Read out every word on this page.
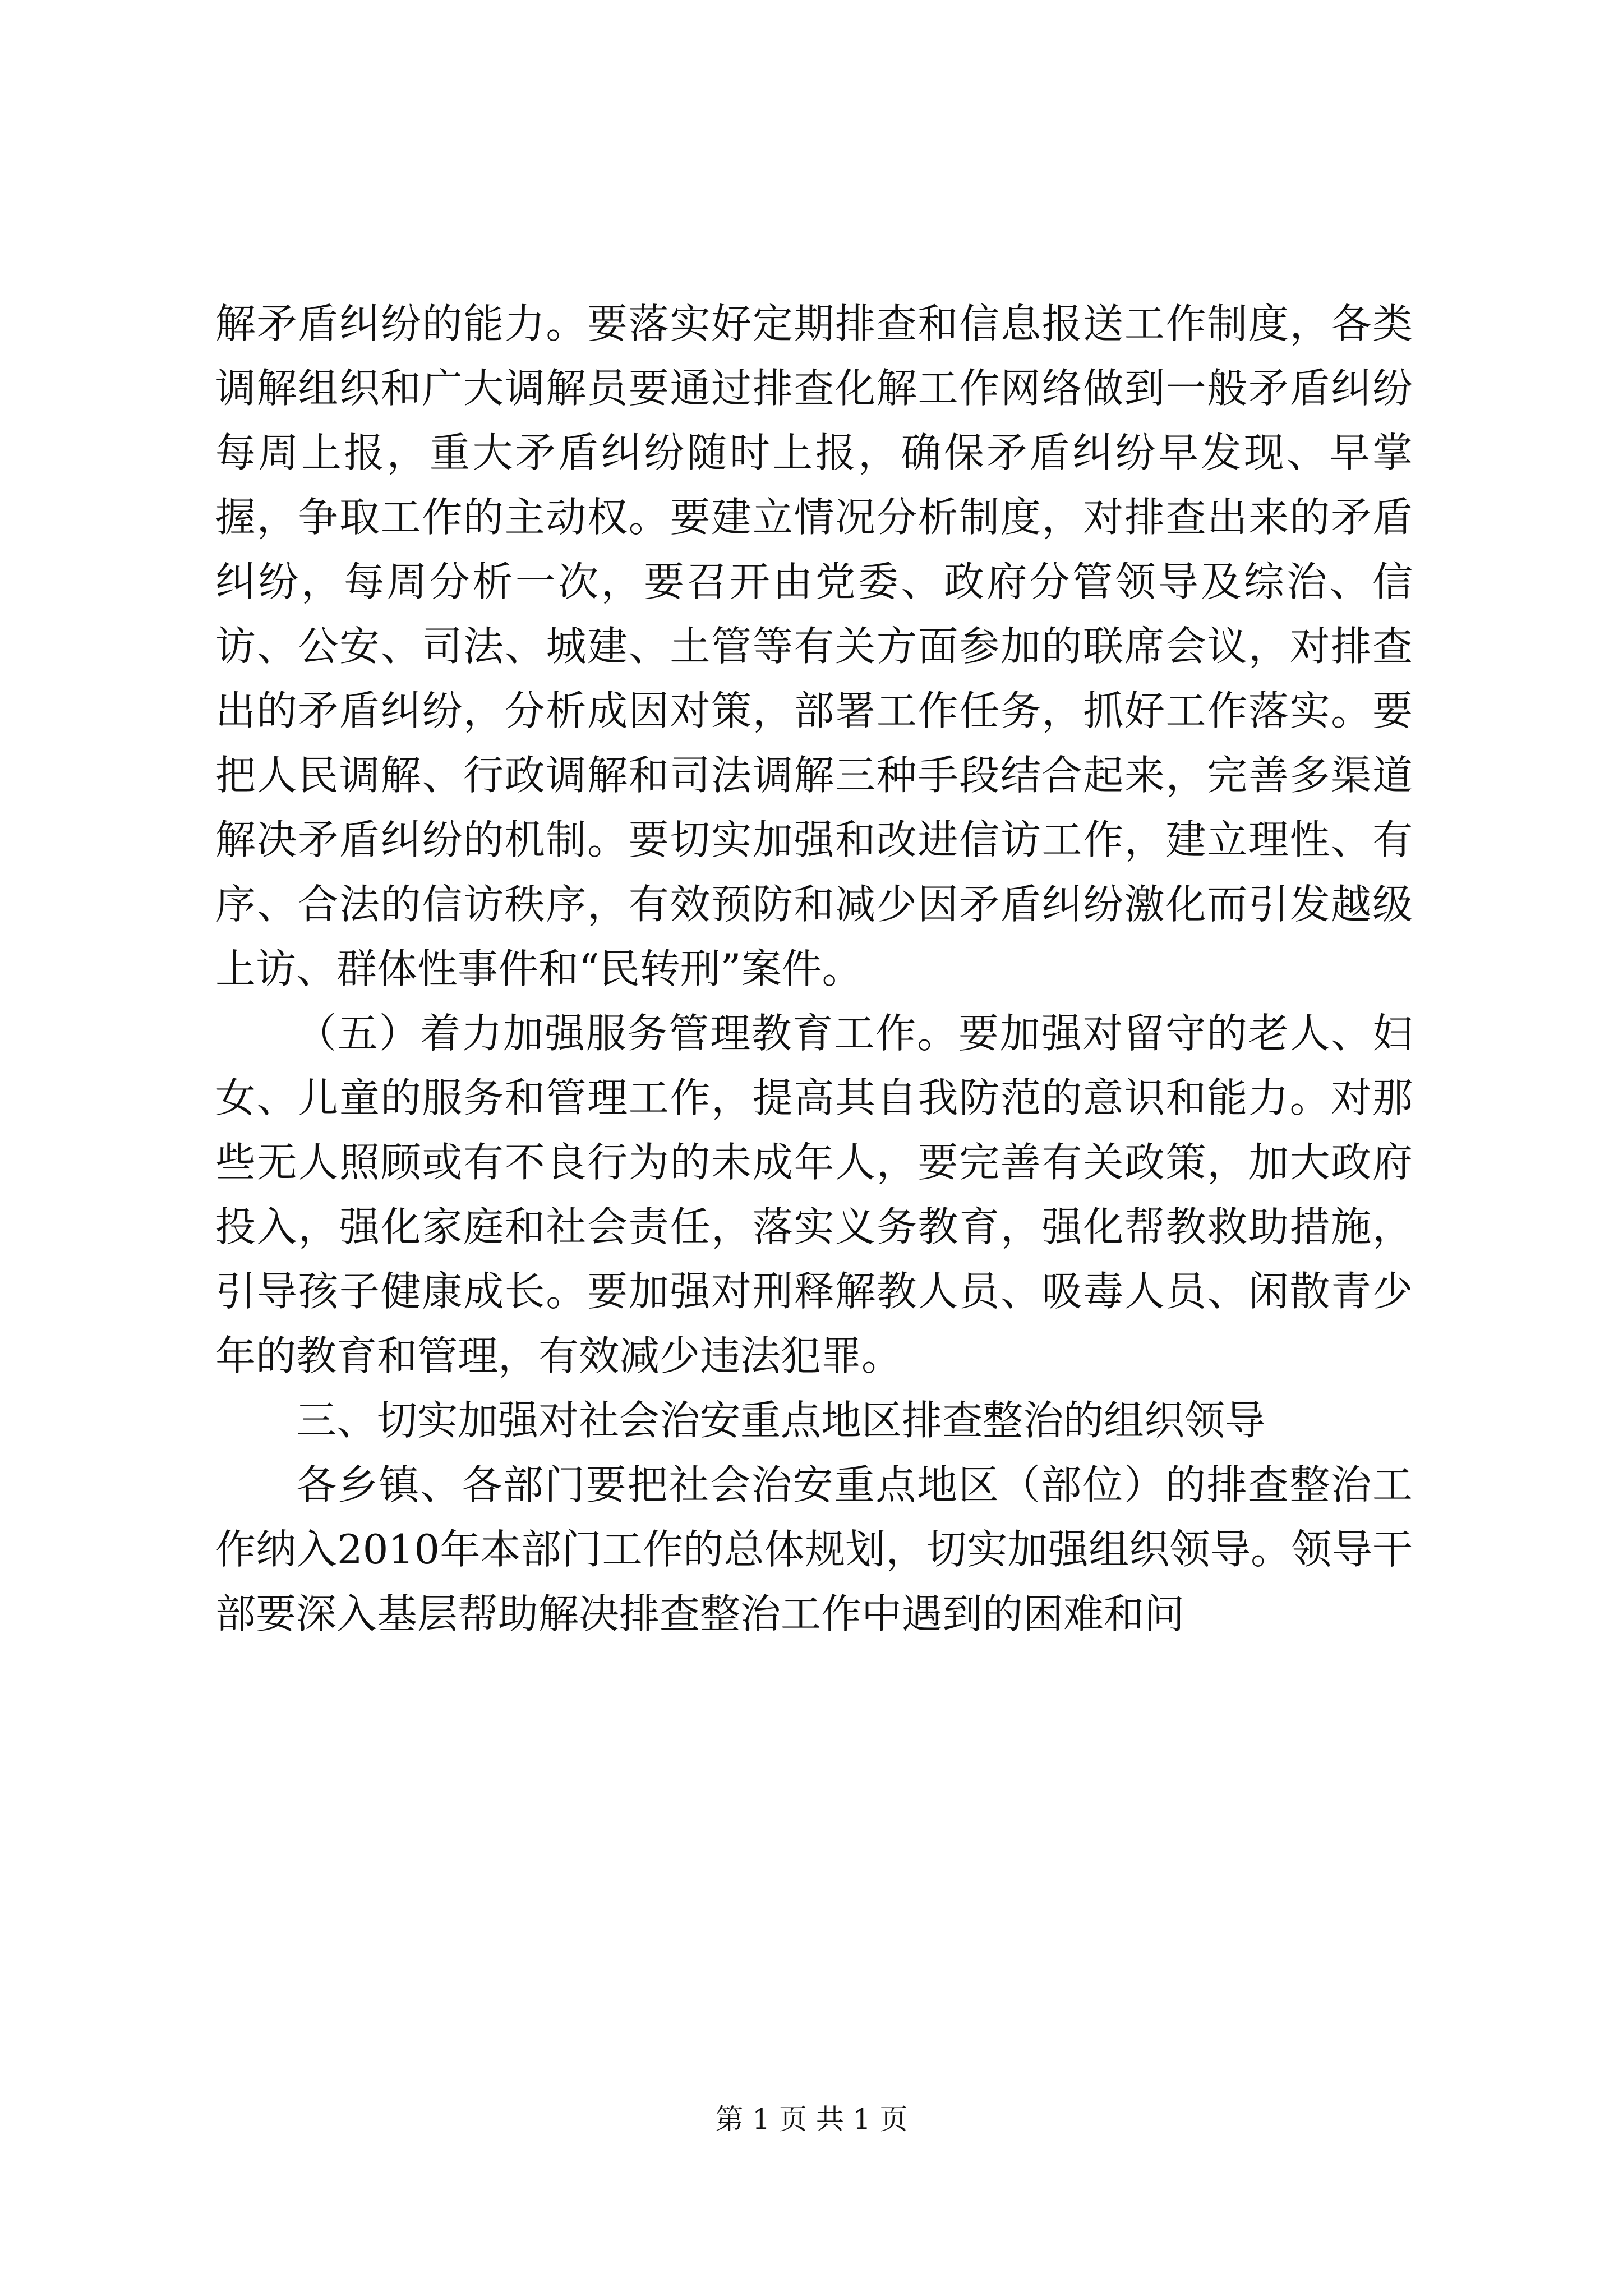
解矛盾纠纷的能力。要落实好定期排查和信息报送工作制度，各类调解组织和广大调解员要通过排查化解工作网络做到一般矛盾纠纷每周上报，重大矛盾纠纷随时上报，确保矛盾纠纷早发现、早掌握，争取工作的主动权。要建立情况分析制度，对排查出来的矛盾纠纷，每周分析一次，要召开由党委、政府分管领导及综治、信访、公安、司法、城建、土管等有关方面参加的联席会议，对排查出的矛盾纠纷，分析成因对策，部署工作任务，抓好工作落实。要把人民调解、行政调解和司法调解三种手段结合起来，完善多渠道解决矛盾纠纷的机制。要切实加强和改进信访工作，建立理性、有序、合法的信访秩序，有效预防和减少因矛盾纠纷激化而引发越级上访、群体性事件和“民转刑”案件。

（五）着力加强服务管理教育工作。要加强对留守的老人、妇女、儿童的服务和管理工作，提高其自我防范的意识和能力。对那些无人照顾或有不良行为的未成年人，要完善有关政策，加大政府投入，强化家庭和社会责任，落实义务教育，强化帮教救助措施，引导孩子健康成长。要加强对刑释解教人员、吸毒人员、闲散青少年的教育和管理，有效减少违法犯罪。

三、切实加强对社会治安重点地区排查整治的组织领导

各乡镇、各部门要把社会治安重点地区（部位）的排查整治工作纳入2010年本部门工作的总体规划，切实加强组织领导。领导干部要深入基层帮助解决排查整治工作中遇到的困难和问

第 1 页 共 1 页
